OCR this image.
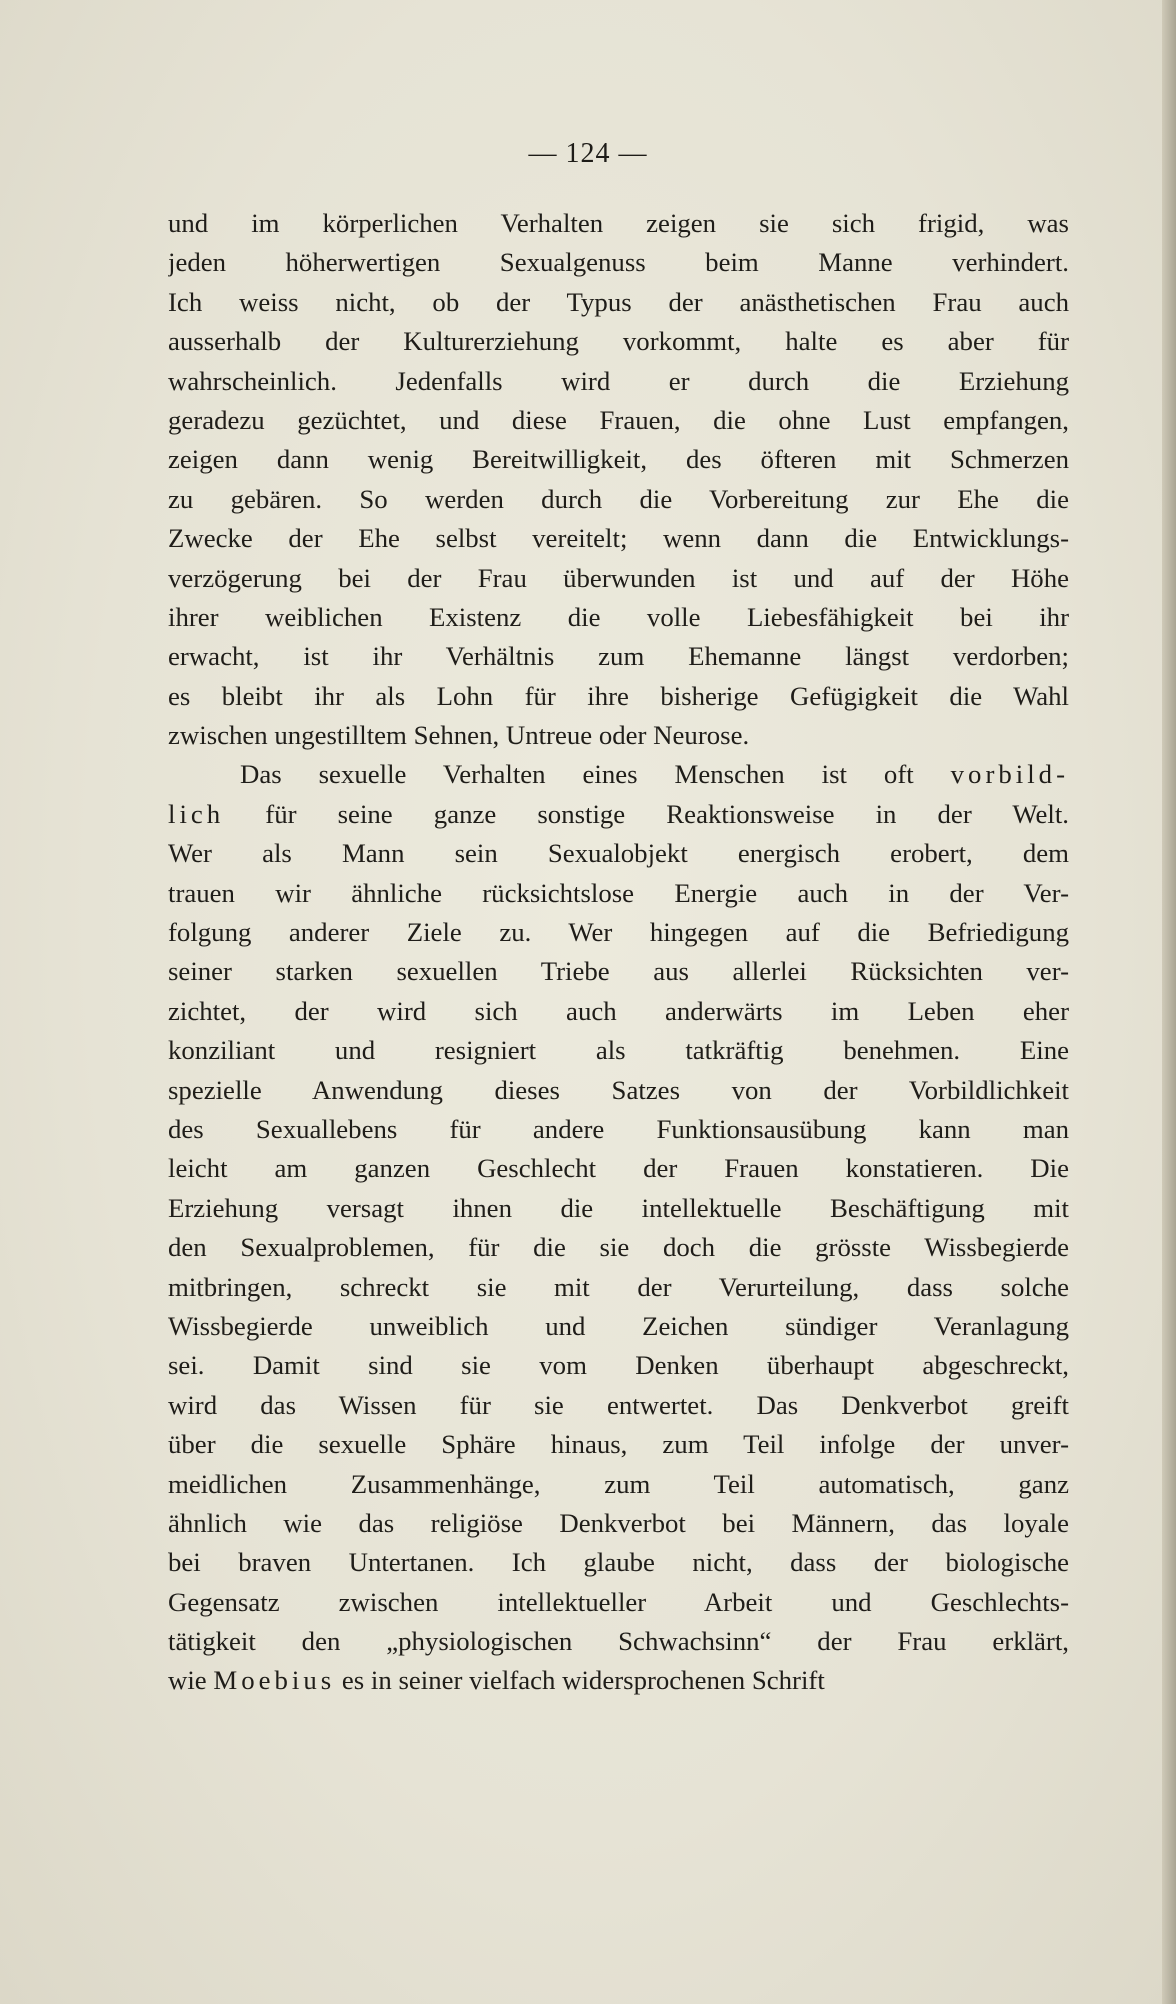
— 124 —
und im körperlichen Verhalten zeigen sie sich frigid, was
jeden höherwertigen Sexualgenuss beim Manne verhindert.
Ich weiss nicht, ob der Typus der anästhetischen Frau auch
ausserhalb der Kulturerziehung vorkommt, halte es aber für
wahrscheinlich. Jedenfalls wird er durch die Erziehung
geradezu gezüchtet, und diese Frauen, die ohne Lust empfangen,
zeigen dann wenig Bereitwilligkeit, des öfteren mit Schmerzen
zu gebären. So werden durch die Vorbereitung zur Ehe die
Zwecke der Ehe selbst vereitelt; wenn dann die Entwicklungs-
verzögerung bei der Frau überwunden ist und auf der Höhe
ihrer weiblichen Existenz die volle Liebesfähigkeit bei ihr
erwacht, ist ihr Verhältnis zum Ehemanne längst verdorben;
es bleibt ihr als Lohn für ihre bisherige Gefügigkeit die Wahl
zwischen ungestilltem Sehnen, Untreue oder Neurose.
Das sexuelle Verhalten eines Menschen ist oft vorbild-
lich für seine ganze sonstige Reaktionsweise in der Welt.
Wer als Mann sein Sexualobjekt energisch erobert, dem
trauen wir ähnliche rücksichtslose Energie auch in der Ver-
folgung anderer Ziele zu. Wer hingegen auf die Befriedigung
seiner starken sexuellen Triebe aus allerlei Rücksichten ver-
zichtet, der wird sich auch anderwärts im Leben eher
konziliant und resigniert als tatkräftig benehmen. Eine
spezielle Anwendung dieses Satzes von der Vorbildlichkeit
des Sexuallebens für andere Funktionsausübung kann man
leicht am ganzen Geschlecht der Frauen konstatieren. Die
Erziehung versagt ihnen die intellektuelle Beschäftigung mit
den Sexualproblemen, für die sie doch die grösste Wissbegierde
mitbringen, schreckt sie mit der Verurteilung, dass solche
Wissbegierde unweiblich und Zeichen sündiger Veranlagung
sei. Damit sind sie vom Denken überhaupt abgeschreckt,
wird das Wissen für sie entwertet. Das Denkverbot greift
über die sexuelle Sphäre hinaus, zum Teil infolge der unver-
meidlichen Zusammenhänge, zum Teil automatisch, ganz
ähnlich wie das religiöse Denkverbot bei Männern, das loyale
bei braven Untertanen. Ich glaube nicht, dass der biologische
Gegensatz zwischen intellektueller Arbeit und Geschlechts-
tätigkeit den „physiologischen Schwachsinn“ der Frau erklärt,
wie Moebius es in seiner vielfach widersprochenen Schrift
